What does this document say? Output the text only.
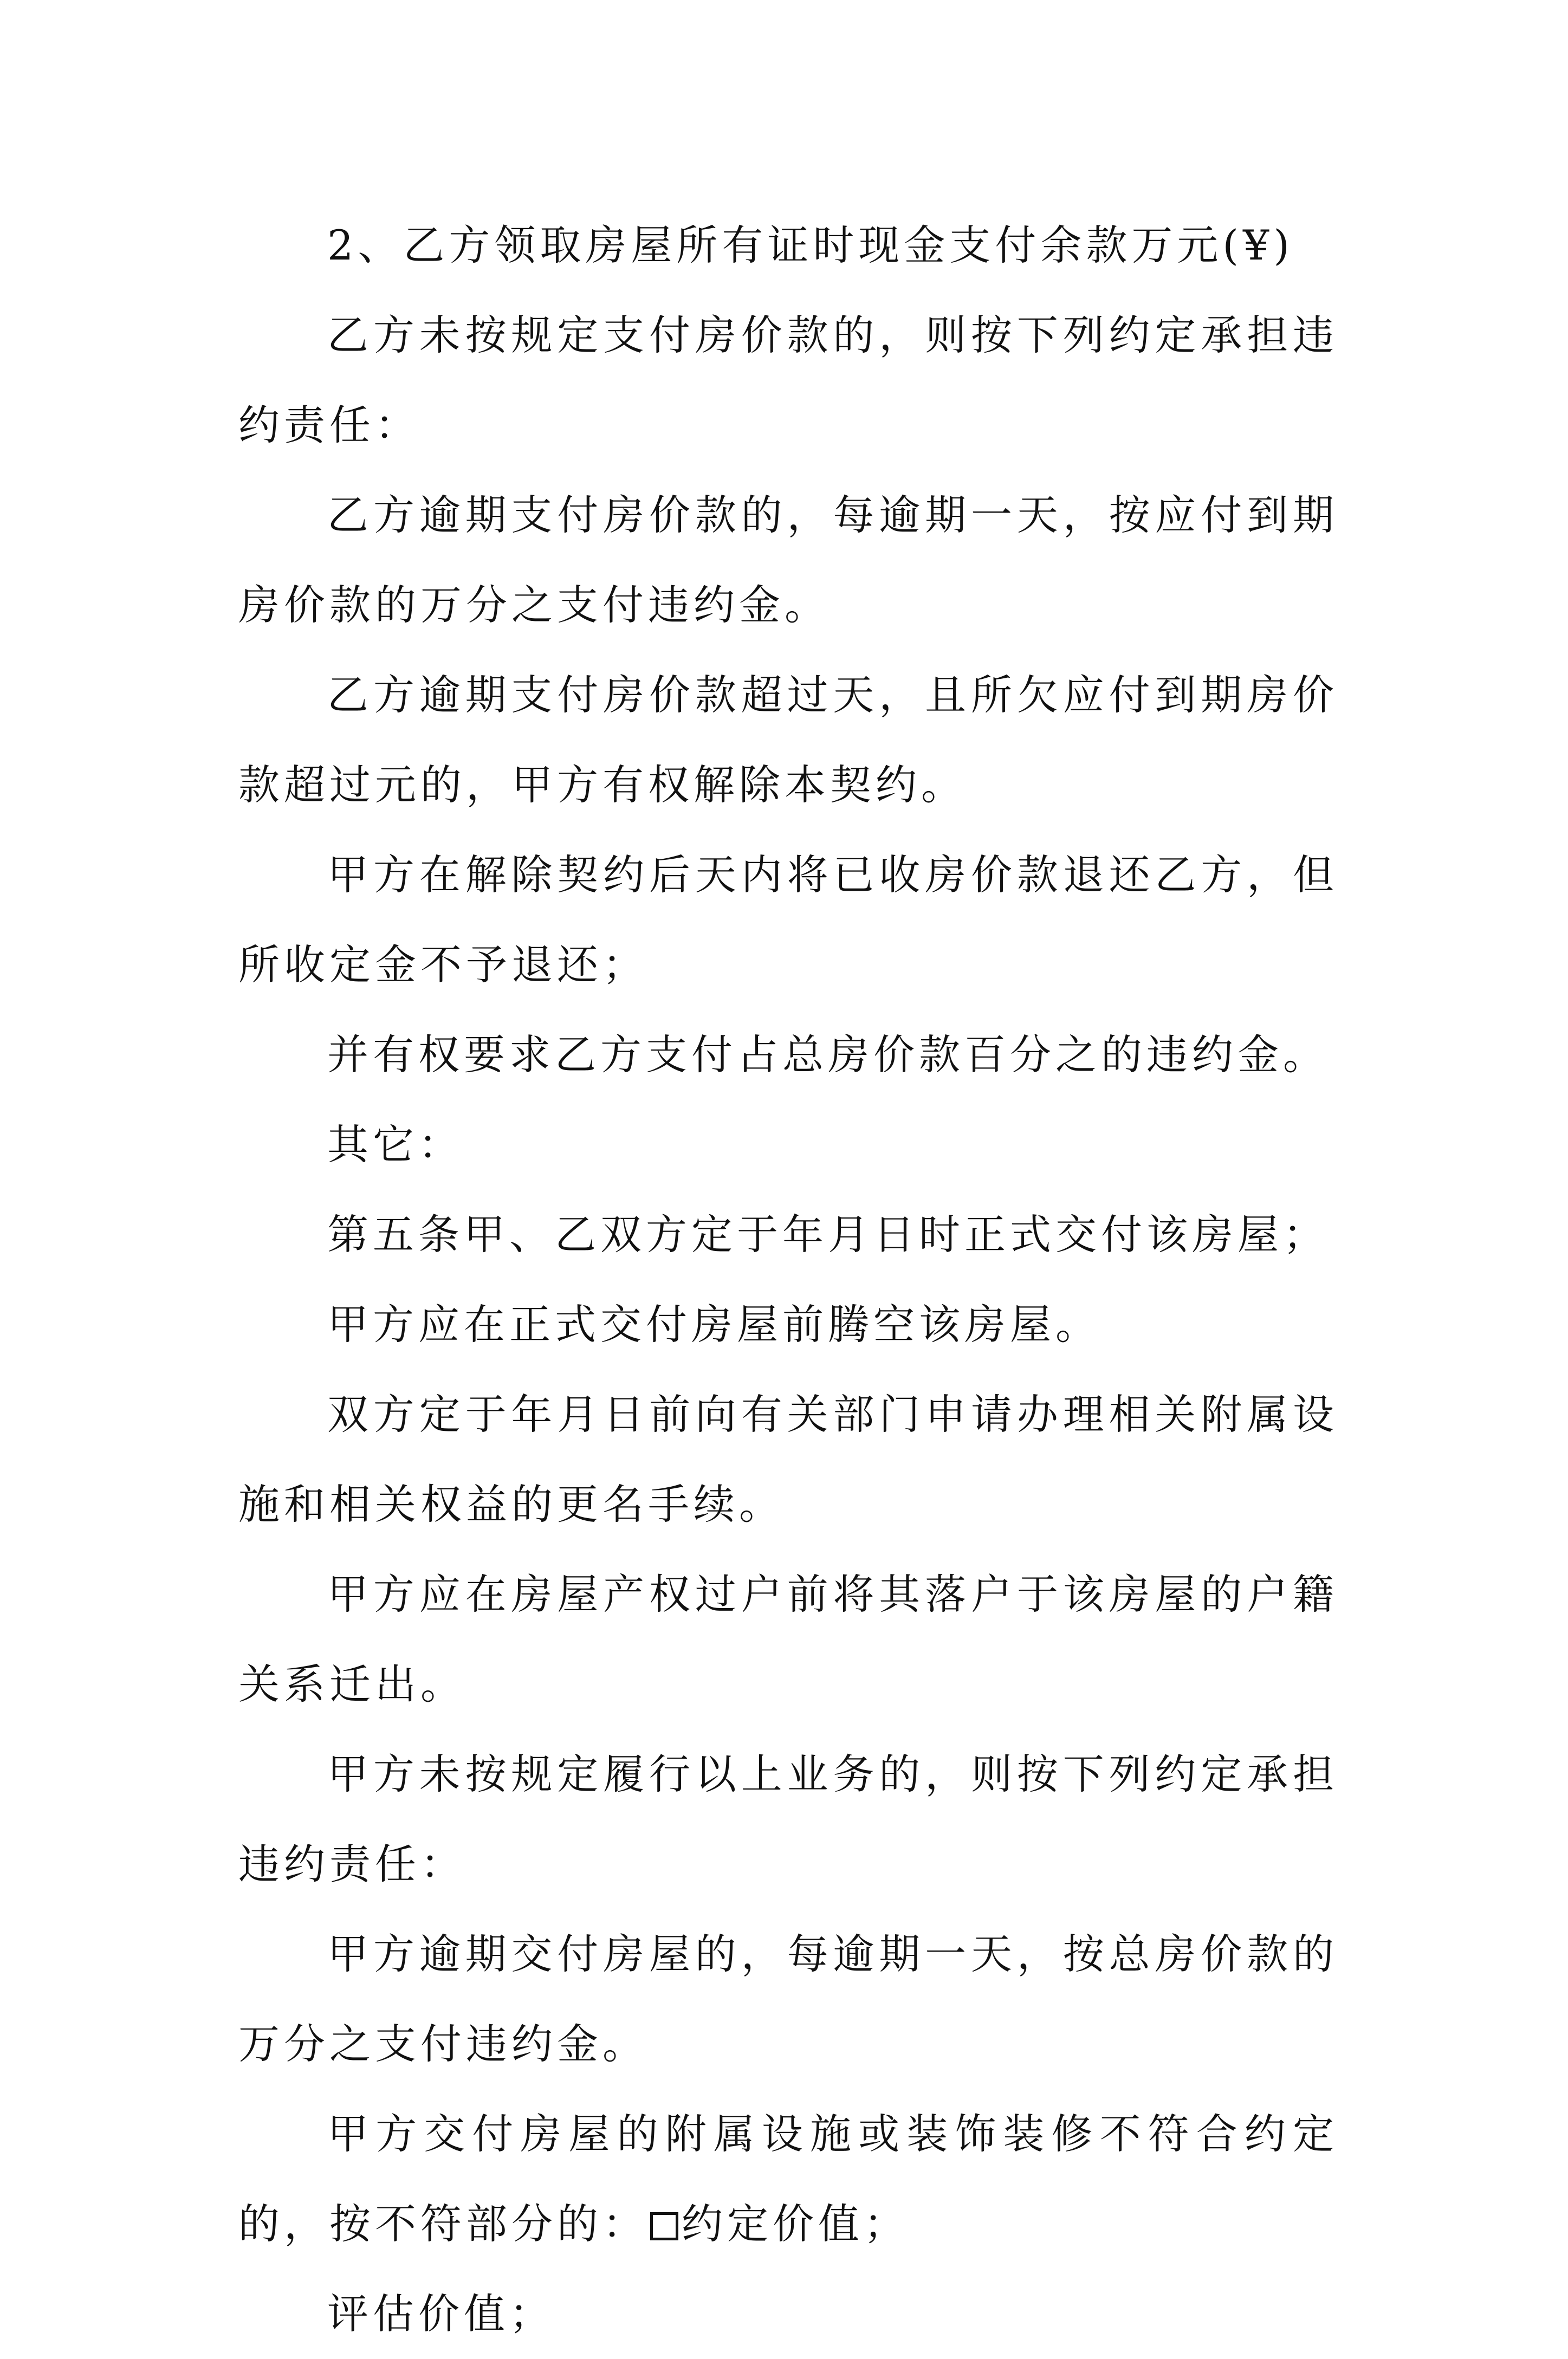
2、乙方领取房屋所有证时现金支付余款万元(¥)

乙方未按规定支付房价款的，则按下列约定承担违约责任：

乙方逾期支付房价款的，每逾期一天，按应付到期房价款的万分之支付违约金。

乙方逾期支付房价款超过天，且所欠应付到期房价款超过元的，甲方有权解除本契约。

甲方在解除契约后天内将已收房价款退还乙方，但所收定金不予退还；

并有权要求乙方支付占总房价款百分之的违约金。

其它：

第五条甲、乙双方定于年月日时正式交付该房屋；

甲方应在正式交付房屋前腾空该房屋。

双方定于年月日前向有关部门申请办理相关附属设施和相关权益的更名手续。

甲方应在房屋产权过户前将其落户于该房屋的户籍关系迁出。

甲方未按规定履行以上业务的，则按下列约定承担违约责任：

甲方逾期交付房屋的，每逾期一天，按总房价款的万分之支付违约金。

甲方交付房屋的附属设施或装饰装修不符合约定的，按不符部分的： 约定价值；

评估价值；
